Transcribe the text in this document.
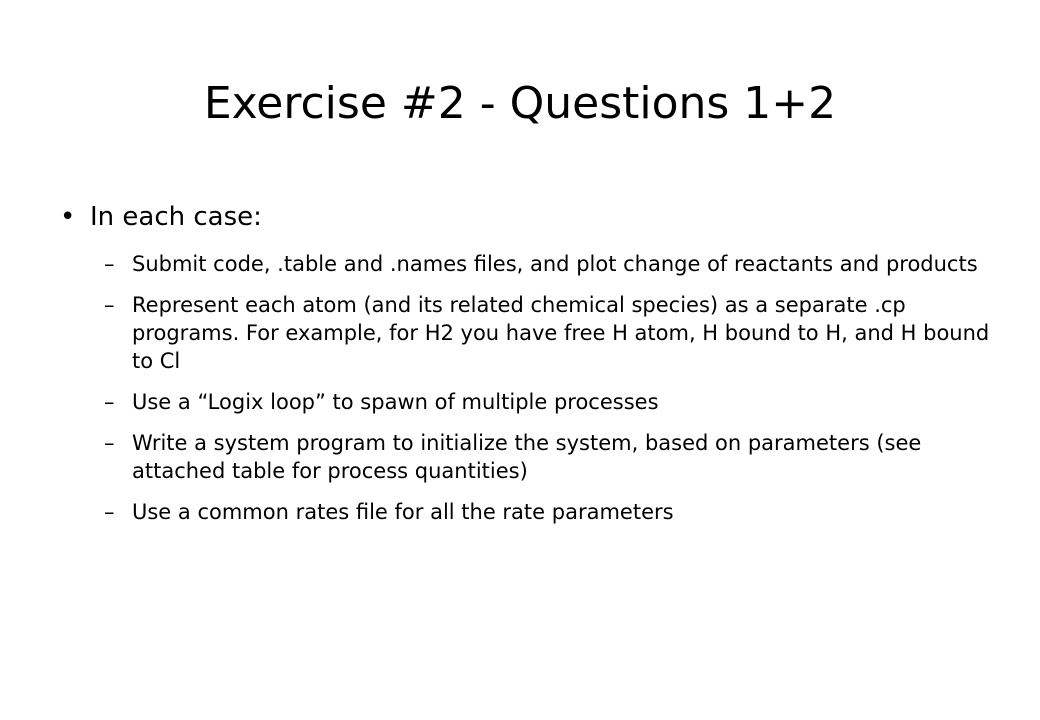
Exercise #2 - Questions 1+2
• In each case:
– Submit code, .table and .names files, and plot change of reactants and products
– Represent each atom (and its related chemical species) as a separate .cp programs. For example, for H2 you have free H atom, H bound to H, and H bound to Cl
– Use a “Logix loop” to spawn of multiple processes
– Write a system program to initialize the system, based on parameters (see attached table for process quantities)
– Use a common rates file for all the rate parameters
